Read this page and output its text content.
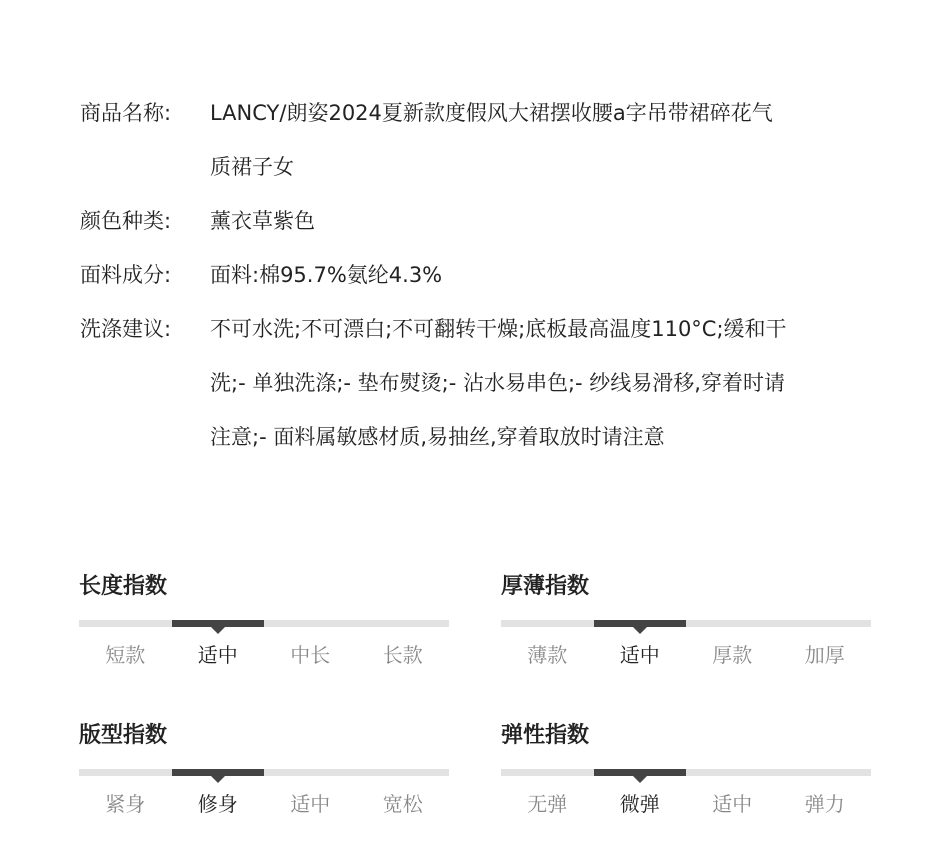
商品名称:	LANCY/朗姿2024夏新款度假风大裙摆收腰a字吊带裙碎花气
质裙子女
颜色种类:	薰衣草紫色
面料成分:	面料:棉95.7%氨纶4.3%
洗涤建议:	不可水洗;不可漂白;不可翻转干燥;底板最高温度110°C;缓和干
洗;- 单独洗涤;- 垫布熨烫;- 沾水易串色;- 纱线易滑移,穿着时请
注意;- 面料属敏感材质,易抽丝,穿着取放时请注意
长度指数
短款	适中	中长	长款
厚薄指数
薄款	适中	厚款	加厚
版型指数
紧身	修身	适中	宽松
弹性指数
无弹	微弹	适中	弹力
